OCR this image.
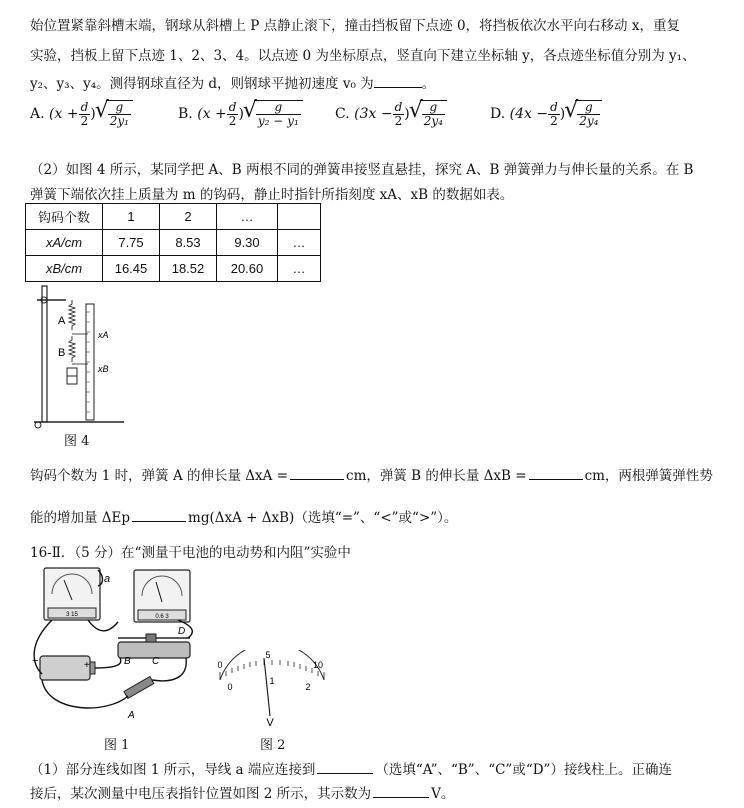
始位置紧靠斜槽末端，钢球从斜槽上 P 点静止滚下，撞击挡板留下点迹 0，将挡板依次水平向右移动 x，重复
实验，挡板上留下点迹 1、2、3、4。以点迹 0 为坐标原点，竖直向下建立坐标轴 y，各点迹坐标值分别为 y₁、
y₂、y₃、y₄。测得钢球直径为 d，则钢球平抛初速度 v₀ 为	。
A. ($x + \frac{d}{2}$ ) √ $\frac{g}{\text{2y₁}}$	B. ($x + \frac{d}{2}$ ) √ $\frac{g}{\text{y₂ − y₁}} C$. ($3x - \frac{d}{2}$ ) √ $\frac{g}{\text{2y₄}}$	D. ($4x - \frac{d}{2}$ ) √ $\frac{g}{\text{2y₄}}$
（2）如图 4 所示，某同学把 A、B 两根不同的弹簧串接竖直悬挂，探究 A、B 弹簧弹力与伸长量的关系。在 B
弹簧下端依次挂上质量为 m 的钩码，静止时指针所指刻度 xA、xB 的数据如表。
钩码个数	1	2	…	
xA/cm	7.75	8.53	9.30	…
xB/cm	16.45	18.52	20.60	…
A
B
xA
xB
图 4
钩码个数为 1 时，弹簧 A 的伸长量 ΔxA =	cm，弹簧 B 的伸长量 ΔxB =	cm，两根弹簧弹性势
能的增加量 ΔEp	mg(ΔxA + ΔxB)（选填“=”、“<”或“>”）。
16-Ⅱ．（5 分）在“测量干电池的电动势和内阻”实验中
3 15	0.6 3
−	+
a
D
B C
A
图 1
0
5
10
0
1
2
V
图 2
（1）部分连线如图 1 所示，导线 a 端应连接到	（选填“A”、“B”、“C”或“D”）接线柱上。正确连
接后，某次测量中电压表指针位置如图 2 所示，其示数为	V。
